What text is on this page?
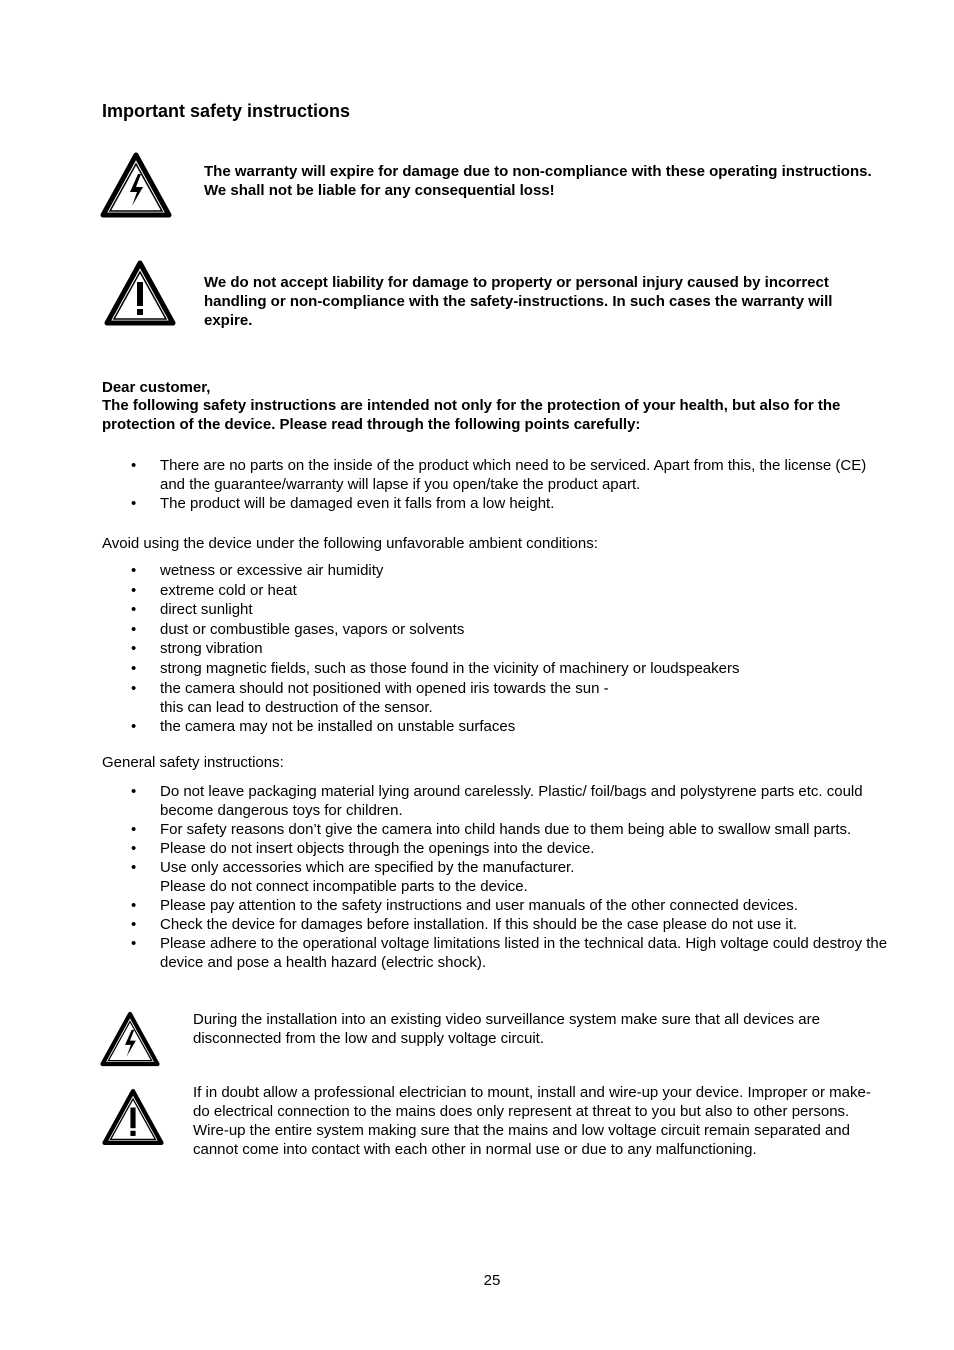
Important safety instructions
The warranty will expire for damage due to non-compliance with these operating instructions. We shall not be liable for any consequential loss!
We do not accept liability for damage to property or personal injury caused by incorrect handling or non-compliance with the safety-instructions. In such cases the warranty will expire.
Dear customer,
The following safety instructions are intended not only for the protection of your health, but also for the protection of the device. Please read through the following points carefully:
• There are no parts on the inside of the product which need to be serviced. Apart from this, the license (CE) and the guarantee/warranty will lapse if you open/take the product apart.
• The product will be damaged even it falls from a low height.
Avoid using the device under the following unfavorable ambient conditions:
• wetness or excessive air humidity
• extreme cold or heat
• direct sunlight
• dust or combustible gases, vapors or solvents
• strong vibration
• strong magnetic fields, such as those found in the vicinity of machinery or loudspeakers
• the camera should not positioned with opened iris towards the sun -
this can lead to destruction of the sensor.
• the camera may not be installed on unstable surfaces
General safety instructions:
• Do not leave packaging material lying around carelessly. Plastic/ foil/bags and polystyrene parts etc. could become dangerous toys for children.
• For safety reasons don’t give the camera into child hands due to them being able to swallow small parts.
• Please do not insert objects through the openings into the device.
• Use only accessories which are specified by the manufacturer.
Please do not connect incompatible parts to the device.
• Please pay attention to the safety instructions and user manuals of the other connected devices.
• Check the device for damages before installation. If this should be the case please do not use it.
• Please adhere to the operational voltage limitations listed in the technical data. High voltage could destroy the device and pose a health hazard (electric shock).
During the installation into an existing video surveillance system make sure that all devices are disconnected from the low and supply voltage circuit.
If in doubt allow a professional electrician to mount, install and wire-up your device. Improper or make-do electrical connection to the mains does only represent at threat to you but also to other persons.
Wire-up the entire system making sure that the mains and low voltage circuit remain separated and cannot come into contact with each other in normal use or due to any malfunctioning.
25
